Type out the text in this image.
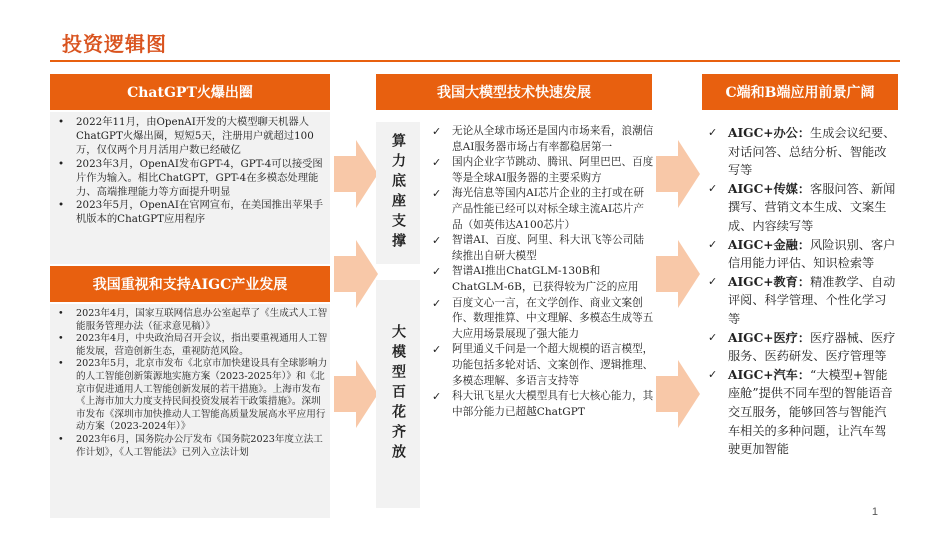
投资逻辑图
ChatGPT火爆出圈
• 2022年11月，由OpenAI开发的大模型聊天机器人ChatGPT火爆出圈，短短5天，注册用户就超过100万，仅仅两个月月活用户数已经破亿
• 2023年3月，OpenAI发布GPT-4，GPT-4可以接受图片作为输入。相比ChatGPT，GPT-4在多模态处理能力、高端推理能力等方面提升明显
• 2023年5月，OpenAI在官网宣布，在美国推出苹果手机版本的ChatGPT应用程序
我国重视和支持AIGC产业发展
• 2023年4月，国家互联网信息办公室起草了《生成式人工智能服务管理办法（征求意见稿）》
• 2023年4月，中央政治局召开会议，指出要重视通用人工智能发展，营造创新生态，重视防范风险。
• 2023年5月，北京市发布《北京市加快建设具有全球影响力的人工智能创新策源地实施方案（2023-2025年）》和《北京市促进通用人工智能创新发展的若干措施》。上海市发布《上海市加大力度支持民间投资发展若干政策措施》。深圳市发布《深圳市加快推动人工智能高质量发展高水平应用行动方案（2023-2024年）》
• 2023年6月，国务院办公厅发布《国务院2023年度立法工作计划》，《人工智能法》已列入立法计划
我国大模型技术快速发展
算力底座支撑
大模型百花齐放
✓ 无论从全球市场还是国内市场来看，浪潮信息AI服务器市场占有率都稳居第一
✓ 国内企业字节跳动、腾讯、阿里巴巴、百度等是全球AI服务器的主要采购方
✓ 海光信息等国内AI芯片企业的主打或在研产品性能已经可以对标全球主流AI芯片产品（如英伟达A100芯片）
✓ 智谱AI、百度、阿里、科大讯飞等公司陆续推出自研大模型
✓ 智谱AI推出ChatGLM-130B和ChatGLM-6B，已获得较为广泛的应用
✓ 百度文心一言，在文学创作、商业文案创作、数理推算、中文理解、多模态生成等五大应用场景展现了强大能力
✓ 阿里通义千问是一个超大规模的语言模型，功能包括多轮对话、文案创作、逻辑推理、多模态理解、多语言支持等
✓ 科大讯飞星火大模型具有七大核心能力，其中部分能力已超越ChatGPT
C端和B端应用前景广阔
✓ AIGC+办公：生成会议纪要、对话问答、总结分析、智能改写等
✓ AIGC+传媒：客服问答、新闻撰写、营销文本生成、文案生成、内容续写等
✓ AIGC+金融：风险识别、客户信用能力评估、知识检索等
✓ AIGC+教育：精准教学、自动评阅、科学管理、个性化学习等
✓ AIGC+医疗：医疗器械、医疗服务、医药研发、医疗管理等
✓ AIGC+汽车：“大模型+智能座舱”提供不同车型的智能语音交互服务，能够回答与智能汽车相关的多种问题，让汽车驾驶更加智能
1
